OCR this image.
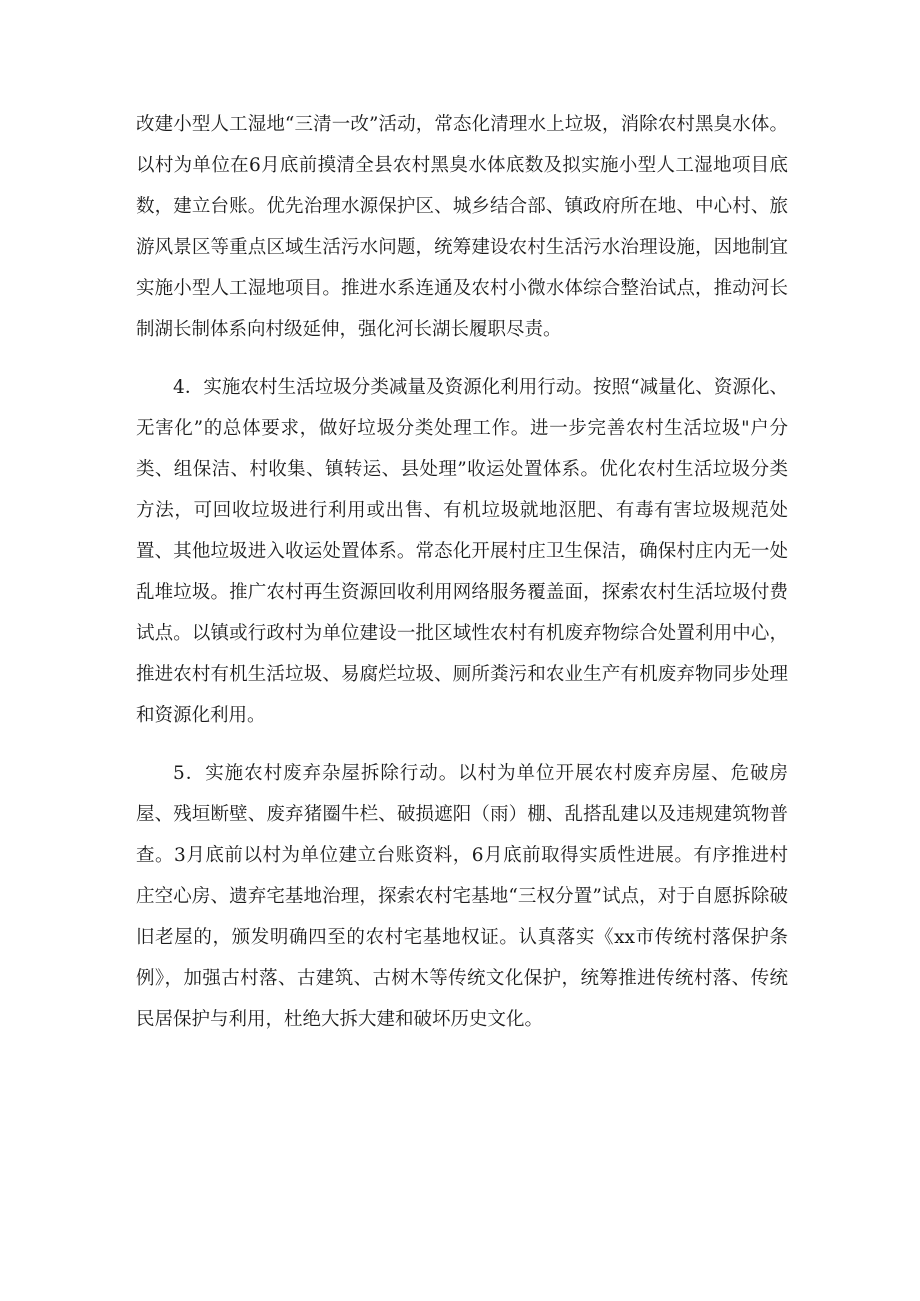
改建小型人工湿地“三清一改”活动，常态化清理水上垃圾，消除农村黑臭水体。以村为单位在6月底前摸清全县农村黑臭水体底数及拟实施小型人工湿地项目底数，建立台账。优先治理水源保护区、城乡结合部、镇政府所在地、中心村、旅游风景区等重点区域生活污水问题，统筹建设农村生活污水治理设施，因地制宜实施小型人工湿地项目。推进水系连通及农村小微水体综合整治试点，推动河长制湖长制体系向村级延伸，强化河长湖长履职尽责。

4．实施农村生活垃圾分类减量及资源化利用行动。按照“减量化、资源化、无害化”的总体要求，做好垃圾分类处理工作。进一步完善农村生活垃圾"户分类、组保洁、村收集、镇转运、县处理”收运处置体系。优化农村生活垃圾分类方法，可回收垃圾进行利用或出售、有机垃圾就地沤肥、有毒有害垃圾规范处置、其他垃圾进入收运处置体系。常态化开展村庄卫生保洁，确保村庄内无一处乱堆垃圾。推广农村再生资源回收利用网络服务覆盖面，探索农村生活垃圾付费试点。以镇或行政村为单位建设一批区域性农村有机废弃物综合处置利用中心，推进农村有机生活垃圾、易腐烂垃圾、厕所粪污和农业生产有机废弃物同步处理和资源化利用。

5．实施农村废弃杂屋拆除行动。以村为单位开展农村废弃房屋、危破房屋、残垣断壁、废弃猪圈牛栏、破损遮阳（雨）棚、乱搭乱建以及违规建筑物普查。3月底前以村为单位建立台账资料，6月底前取得实质性进展。有序推进村庄空心房、遗弃宅基地治理，探索农村宅基地“三权分置”试点，对于自愿拆除破旧老屋的，颁发明确四至的农村宅基地权证。认真落实《xx市传统村落保护条例》，加强古村落、古建筑、古树木等传统文化保护，统筹推进传统村落、传统民居保护与利用，杜绝大拆大建和破坏历史文化。
